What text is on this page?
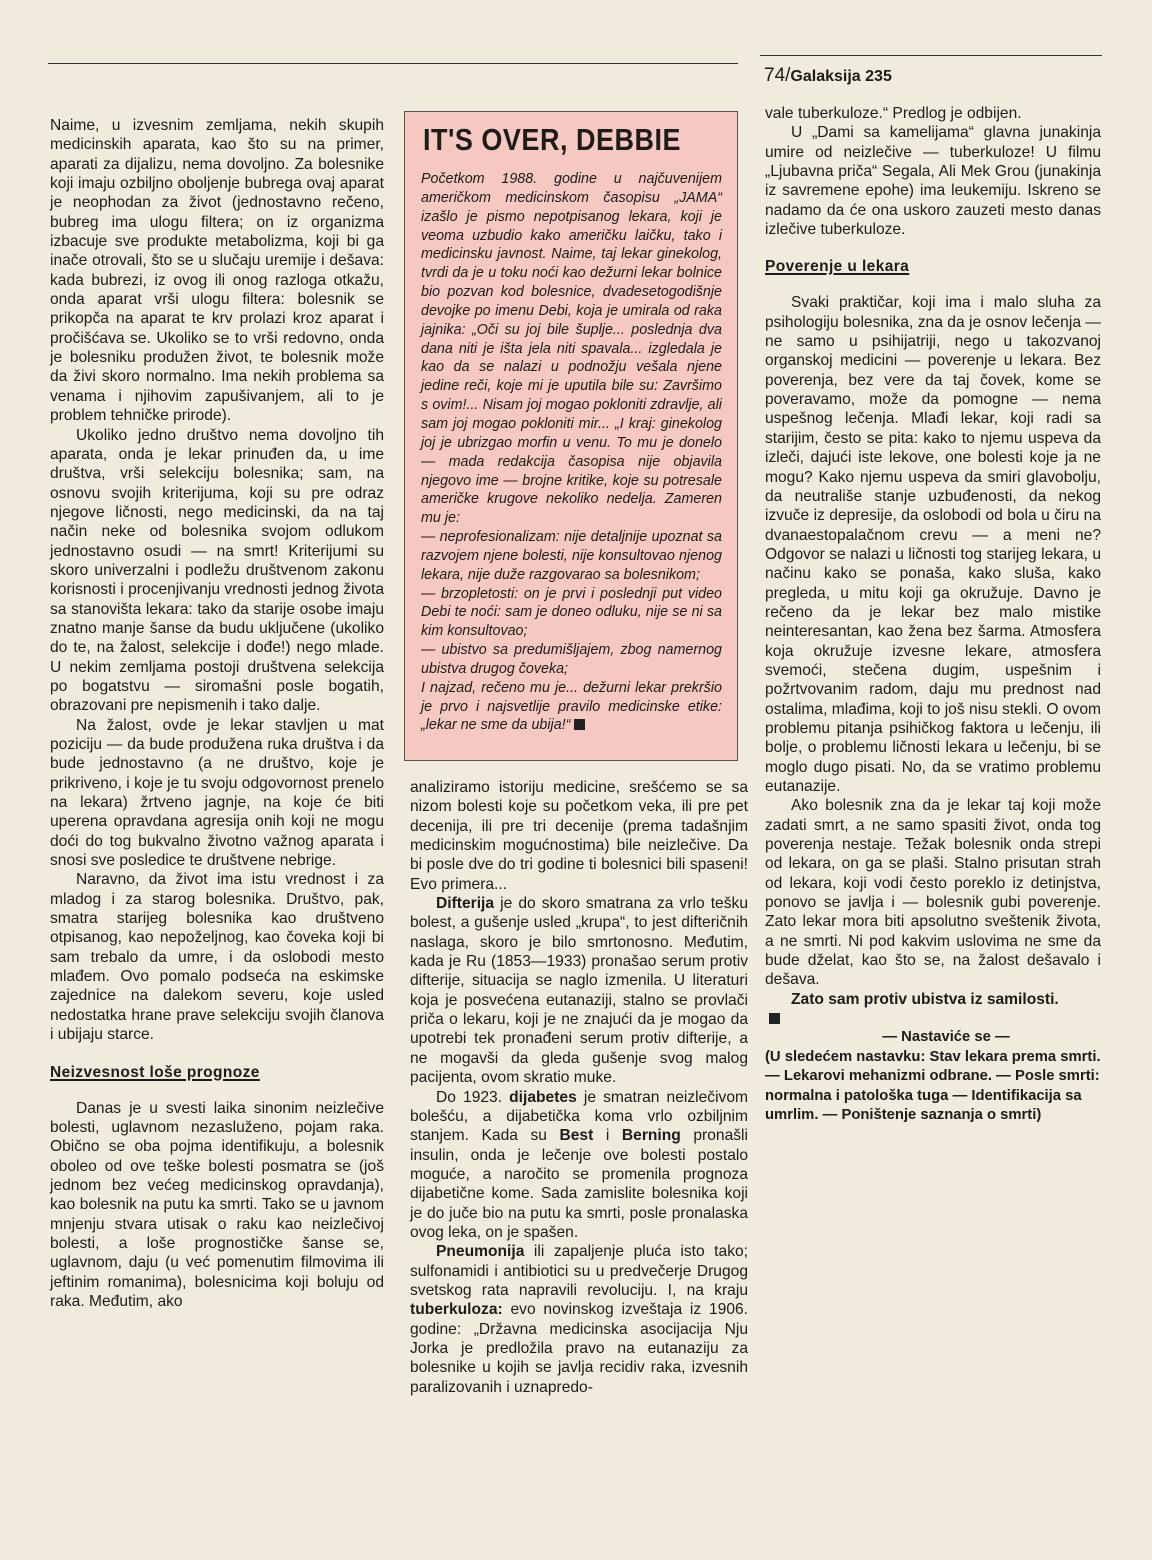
74/Galaksija 235

Naime, u izvesnim zemljama, nekih skupih medicinskih aparata, kao što su na primer, aparati za dijalizu, nema dovoljno. Za bolesnike koji imaju ozbiljno oboljenje bubrega ovaj aparat je neophodan za život (jednostavno rečeno, bubreg ima ulogu filtera; on iz organizma izbacuje sve produkte metabolizma, koji bi ga inače otrovali, što se u slučaju uremije i dešava: kada bubrezi, iz ovog ili onog razloga otkažu, onda aparat vrši ulogu filtera: bolesnik se prikopča na aparat te krv prolazi kroz aparat i pročišćava se. Ukoliko se to vrši redovno, onda je bolesniku produžen život, te bolesnik može da živi skoro normalno. Ima nekih problema sa venama i njihovim zapušivanjem, ali to je problem tehničke prirode).

Ukoliko jedno društvo nema dovoljno tih aparata, onda je lekar prinuđen da, u ime društva, vrši selekciju bolesnika; sam, na osnovu svojih kriterijuma, koji su pre odraz njegove ličnosti, nego medicinski, da na taj način neke od bolesnika svojom odlukom jednostavno osudi — na smrt! Kriterijumi su skoro univerzalni i podležu društvenom zakonu korisnosti i procenjivanju vrednosti jednog života sa stanovišta lekara: tako da starije osobe imaju znatno manje šanse da budu uključene (ukoliko do te, na žalost, selekcije i dođe!) nego mlade. U nekim zemljama postoji društvena selekcija po bogatstvu — siromašni posle bogatih, obrazovani pre nepismenih i tako dalje.

Na žalost, ovde je lekar stavljen u mat poziciju — da bude produžena ruka društva i da bude jednostavno (a ne društvo, koje je prikriveno, i koje je tu svoju odgovornost prenelo na lekara) žrtveno jagnje, na koje će biti uperena opravdana agresija onih koji ne mogu doći do tog bukvalno životno važnog aparata i snosi sve posledice te društvene nebrige.

Naravno, da život ima istu vrednost i za mladog i za starog bolesnika. Društvo, pak, smatra starijeg bolesnika kao društveno otpisanog, kao nepoželjnog, kao čoveka koji bi sam trebalo da umre, i da oslobodi mesto mlađem. Ovo pomalo podseća na eskimske zajednice na dalekom severu, koje usled nedostatka hrane prave selekciju svojih članova i ubijaju starce.

Neizvesnost loše prognoze

Danas je u svesti laika sinonim neizlečive bolesti, uglavnom nezasluženo, pojam raka. Obično se oba pojma identifikuju, a bolesnik oboleo od ove teške bolesti posmatra se (još jednom bez većeg medicinskog opravdanja), kao bolesnik na putu ka smrti. Tako se u javnom mnjenju stvara utisak o raku kao neizlečivoj bolesti, a loše prognostičke šanse se, uglavnom, daju (u već pomenutim filmovima ili jeftinim romanima), bolesnicima koji boluju od raka. Međutim, ako

IT'S OVER, DEBBIE

Početkom 1988. godine u najčuvenijem američkom medicinskom časopisu „JAMA“ izašlo je pismo nepotpisanog lekara, koji je veoma uzbudio kako američku laičku, tako i medicinsku javnost. Naime, taj lekar ginekolog, tvrdi da je u toku noći kao dežurni lekar bolnice bio pozvan kod bolesnice, dvadesetogodišnje devojke po imenu Debi, koja je umirala od raka jajnika: „Oči su joj bile šuplje... poslednja dva dana niti je išta jela niti spavala... izgledala je kao da se nalazi u podnožju vešala njene jedine reči, koje mi je uputila bile su: Završimo s ovim!... Nisam joj mogao pokloniti zdravlje, ali sam joj mogao pokloniti mir... „I kraj: ginekolog joj je ubrizgao morfin u venu. To mu je donelo — mada redakcija časopisa nije objavila njegovo ime — brojne kritike, koje su potresale američke krugove nekoliko nedelja. Zameren mu je:

— neprofesionalizam: nije detaljnije upoznat sa razvojem njene bolesti, nije konsultovao njenog lekara, nije duže razgovarao sa bolesnikom;

— brzopletosti: on je prvi i poslednji put video Debi te noći: sam je doneo odluku, nije se ni sa kim konsultovao;

— ubistvo sa predumišljajem, zbog namernog ubistva drugog čoveka;

I najzad, rečeno mu je... dežurni lekar prekršio je prvo i najsvetlije pravilo medicinske etike: „lekar ne sme da ubija!“

analiziramo istoriju medicine, srešćemo se sa nizom bolesti koje su početkom veka, ili pre pet decenija, ili pre tri decenije (prema tadašnjim medicinskim mogućnostima) bile neizlečive. Da bi posle dve do tri godine ti bolesnici bili spaseni! Evo primera...

Difterija je do skoro smatrana za vrlo tešku bolest, a gušenje usled „krupa“, to jest difteričnih naslaga, skoro je bilo smrtonosno. Međutim, kada je Ru (1853—1933) pronašao serum protiv difterije, situacija se naglo izmenila. U literaturi koja je posvećena eutanaziji, stalno se provlači priča o lekaru, koji je ne znajući da je mogao da upotrebi tek pronađeni serum protiv difterije, a ne mogavši da gleda gušenje svog malog pacijenta, ovom skratio muke.

Do 1923. dijabetes je smatran neizlečivom bolešću, a dijabetička koma vrlo ozbiljnim stanjem. Kada su Best i Berning pronašli insulin, onda je lečenje ove bolesti postalo moguće, a naročito se promenila prognoza dijabetične kome. Sada zamislite bolesnika koji je do juče bio na putu ka smrti, posle pronalaska ovog leka, on je spašen.

Pneumonija ili zapaljenje pluća isto tako; sulfonamidi i antibiotici su u predvečerje Drugog svetskog rata napravili revoluciju. I, na kraju tuberkuloza: evo novinskog izveštaja iz 1906. godine: „Državna medicinska asocijacija Nju Jorka je predložila pravo na eutanaziju za bolesnike u kojih se javlja recidiv raka, izvesnih paralizovanih i uznapredo-

vale tuberkuloze.“ Predlog je odbijen.

U „Dami sa kamelijama“ glavna junakinja umire od neizlečive — tuberkuloze! U filmu „Ljubavna priča“ Segala, Ali Mek Grou (junakinja iz savremene epohe) ima leukemiju. Iskreno se nadamo da će ona uskoro zauzeti mesto danas izlečive tuberkuloze.

Poverenje u lekara

Svaki praktičar, koji ima i malo sluha za psihologiju bolesnika, zna da je osnov lečenja — ne samo u psihijatriji, nego u takozvanoj organskoj medicini — poverenje u lekara. Bez poverenja, bez vere da taj čovek, kome se poveravamo, može da pomogne — nema uspešnog lečenja. Mlađi lekar, koji radi sa starijim, često se pita: kako to njemu uspeva da izleči, dajući iste lekove, one bolesti koje ja ne mogu? Kako njemu uspeva da smiri glavobolju, da neutrališe stanje uzbuđenosti, da nekog izvuče iz depresije, da oslobodi od bola u čiru na dvanaestopalačnom crevu — a meni ne? Odgovor se nalazi u ličnosti tog starijeg lekara, u načinu kako se ponaša, kako sluša, kako pregleda, u mitu koji ga okružuje. Davno je rečeno da je lekar bez malo mistike neinteresantan, kao žena bez šarma. Atmosfera koja okružuje izvesne lekare, atmosfera svemoći, stečena dugim, uspešnim i požrtvovanim radom, daju mu prednost nad ostalima, mlađima, koji to još nisu stekli. O ovom problemu pitanja psihičkog faktora u lečenju, ili bolje, o problemu ličnosti lekara u lečenju, bi se moglo dugo pisati. No, da se vratimo problemu eutanazije.

Ako bolesnik zna da je lekar taj koji može zadati smrt, a ne samo spasiti život, onda tog poverenja nestaje. Težak bolesnik onda strepi od lekara, on ga se plaši. Stalno prisutan strah od lekara, koji vodi često poreklo iz detinjstva, ponovo se javlja i — bolesnik gubi poverenje. Zato lekar mora biti apsolutno sveštenik života, a ne smrti. Ni pod kakvim uslovima ne sme da bude dželat, kao što se, na žalost dešavalo i dešava.

Zato sam protiv ubistva iz samilosti.

— Nastaviće se —

(U sledećem nastavku: Stav lekara prema smrti. — Lekarovi mehanizmi odbrane. — Posle smrti: normalna i patološka tuga — Identifikacija sa umrlim. — Poništenje saznanja o smrti)
